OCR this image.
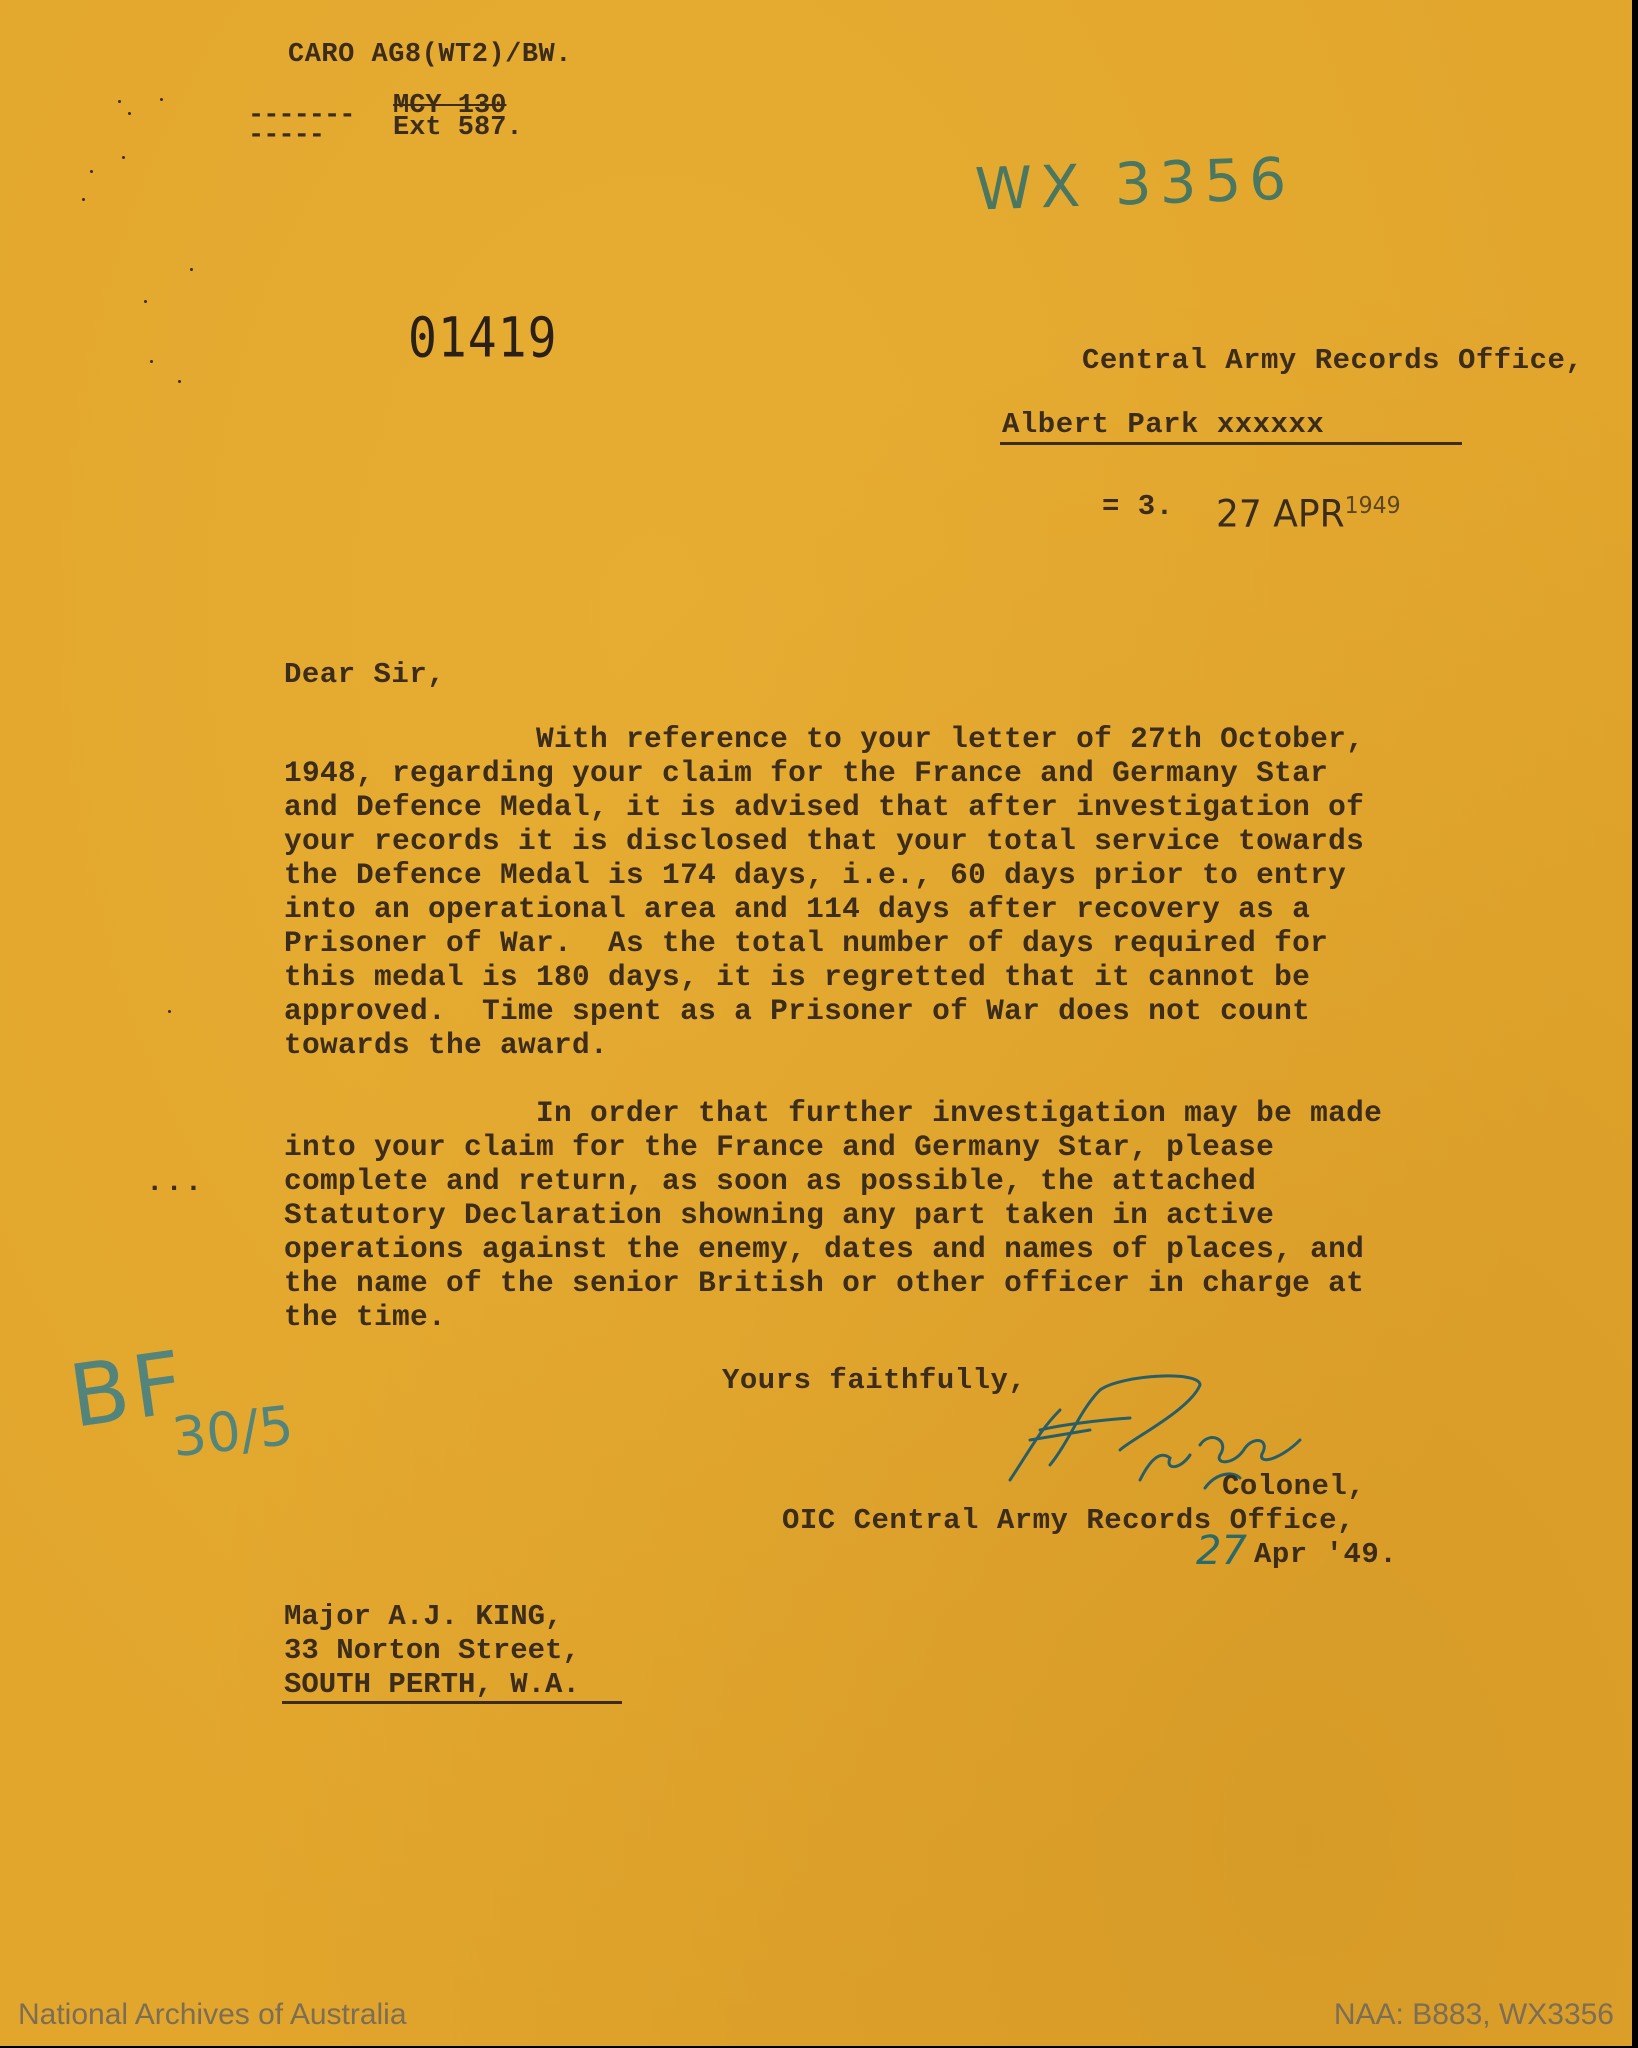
CARO AG8(WT2)/BW.
-------
-----
MCY 130
Ext 587.
WX 3356
01419	Central Army Records Office,
Albert Park xxxxxx
= 3. 27 $APR^{1949}$
Dear Sir,
With reference to your letter of 27th October,
1948, regarding your claim for the France and Germany Star
and Defence Medal, it is advised that after investigation of
your records it is disclosed that your total service towards
the Defence Medal is 174 days, i.e., 60 days prior to entry
into an operational area and 114 days after recovery as a
Prisoner of War.  As the total number of days required for
this medal is 180 days, it is regretted that it cannot be
approved.  Time spent as a Prisoner of War does not count
towards the award.
...
In order that further investigation may be made
into your claim for the France and Germany Star, please
complete and return, as soon as possible, the attached
Statutory Declaration showning any part taken in active
operations against the enemy, dates and names of places, and
the name of the senior British or other officer in charge at
the time.
Yours faithfully,
Colonel,
OIC Central Army Records Office,
27 Apr '49.
Major A.J. KING,
33 Norton Street,
SOUTH PERTH, W.A.
BF
30/5
National Archives of Australia	NAA: B883, WX3356
